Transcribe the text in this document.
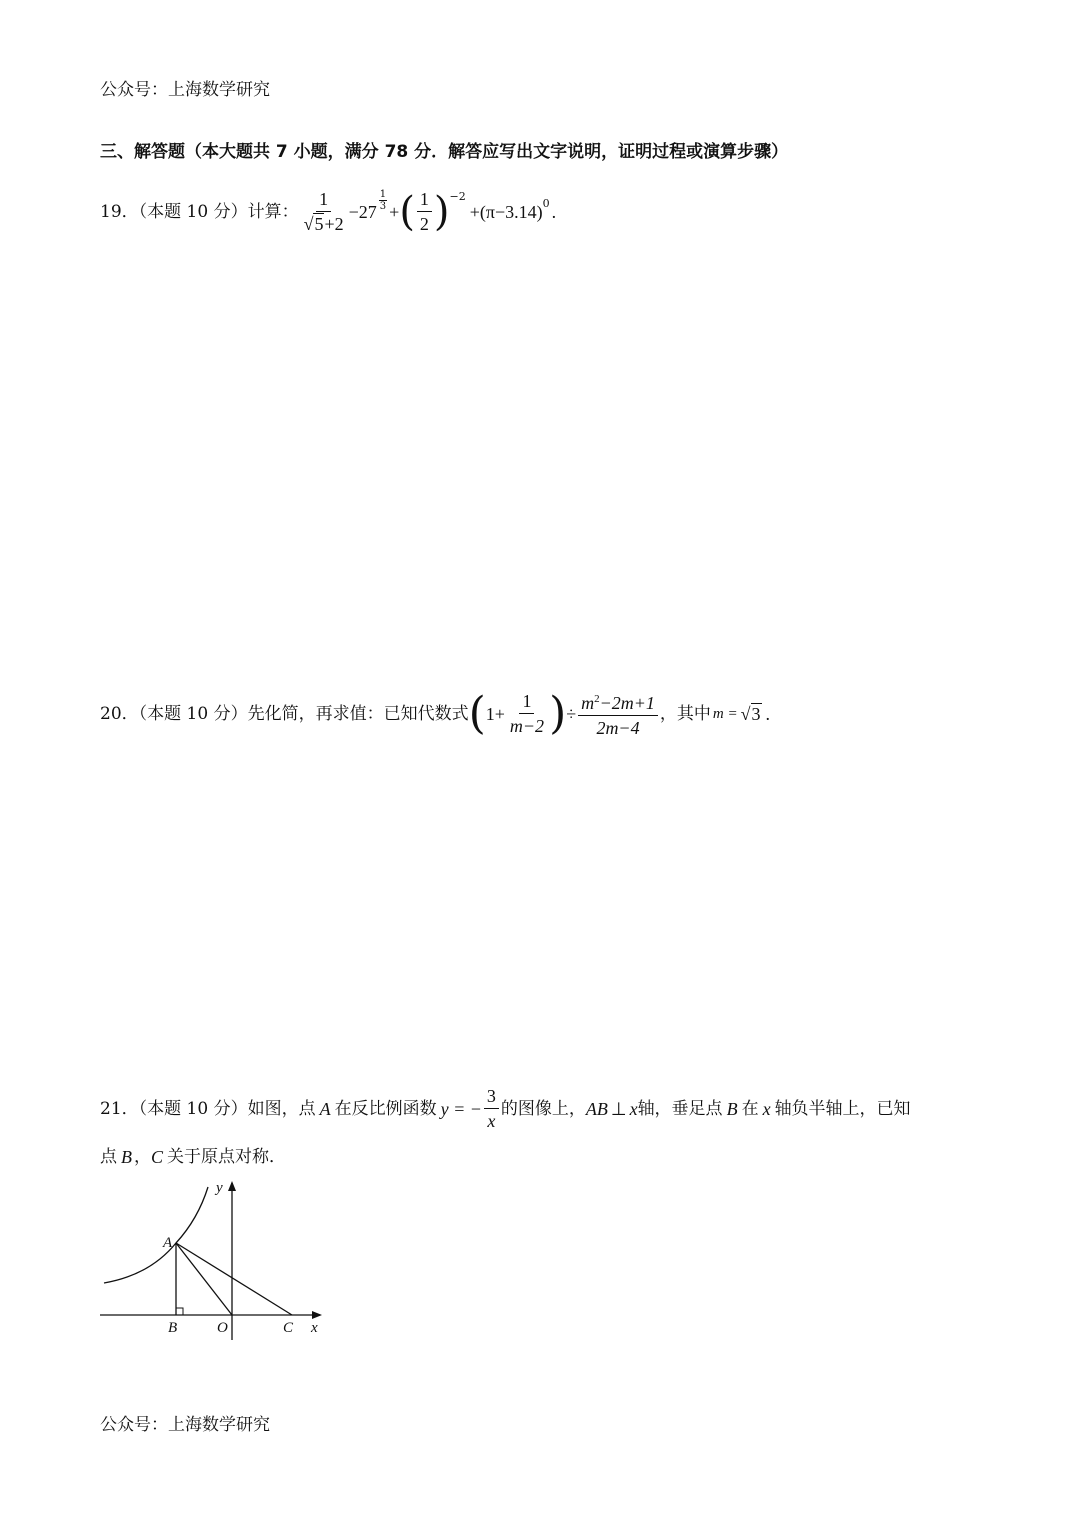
公众号：上海数学研究
三、解答题（本大题共 7 小题，满分 78 分．解答应写出文字说明，证明过程或演算步骤）
19．（本题 10 分）计算： $\frac{1}{√5+2} -27 \frac{1}{3}$ + ( $\frac{1}{2}$ ) −2
+ (π−3.14) 0 .
20．（本题 10 分）先化简，再求值：已知代数式 ( $1+ \frac{1}{m-2}$ ) ÷ $\frac{m^2-2m+1}{2m-4}$ ，其中 m = √3 .
21．（本题 10 分）如图，点 A 在反比例函数 y = − $\frac{3}{x}$ 的图像上， AB ⊥ x 轴，垂足点 B 在 x 轴负半轴上，已知
点 B ， C 关于原点对称．
y
A
B	O	C x
公众号：上海数学研究
